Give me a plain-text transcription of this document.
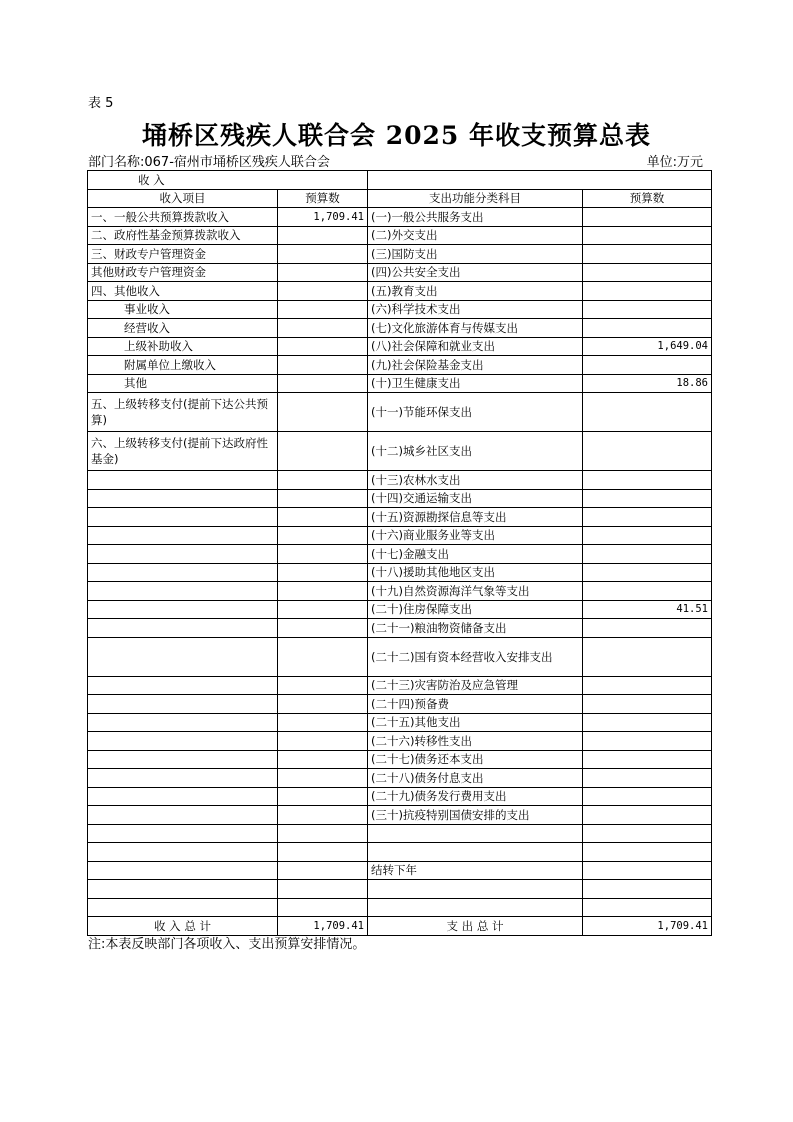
表 5
埇桥区残疾人联合会 2025 年收支预算总表
部门名称:067-宿州市埇桥区残疾人联合会	单位:万元
收 入			
收入项目	预算数	支出功能分类科目	预算数
一、一般公共预算拨款收入	1,709.41	(一)一般公共服务支出	
二、政府性基金预算拨款收入		(二)外交支出	
三、财政专户管理资金		(三)国防支出	
其他财政专户管理资金		(四)公共安全支出	
四、其他收入		(五)教育支出	
事业收入		(六)科学技术支出	
经营收入		(七)文化旅游体育与传媒支出	
上级补助收入		(八)社会保障和就业支出	1,649.04
附属单位上缴收入		(九)社会保险基金支出	
其他		(十)卫生健康支出	18.86
五、上级转移支付(提前下达公共预算)		(十一)节能环保支出	
六、上级转移支付(提前下达政府性基金)		(十二)城乡社区支出	
		(十三)农林水支出	
		(十四)交通运输支出	
		(十五)资源勘探信息等支出	
		(十六)商业服务业等支出	
		(十七)金融支出	
		(十八)援助其他地区支出	
		(十九)自然资源海洋气象等支出	
		(二十)住房保障支出	41.51
		(二十一)粮油物资储备支出	
		(二十二)国有资本经营收入安排支出	
		(二十三)灾害防治及应急管理	
		(二十四)预备费	
		(二十五)其他支出	
		(二十六)转移性支出	
		(二十七)债务还本支出	
		(二十八)债务付息支出	
		(二十九)债务发行费用支出	
		(三十)抗疫特别国债安排的支出	

		结转下年	

收 入 总 计	1,709.41	支 出 总 计	1,709.41
注:本表反映部门各项收入、支出预算安排情况。
